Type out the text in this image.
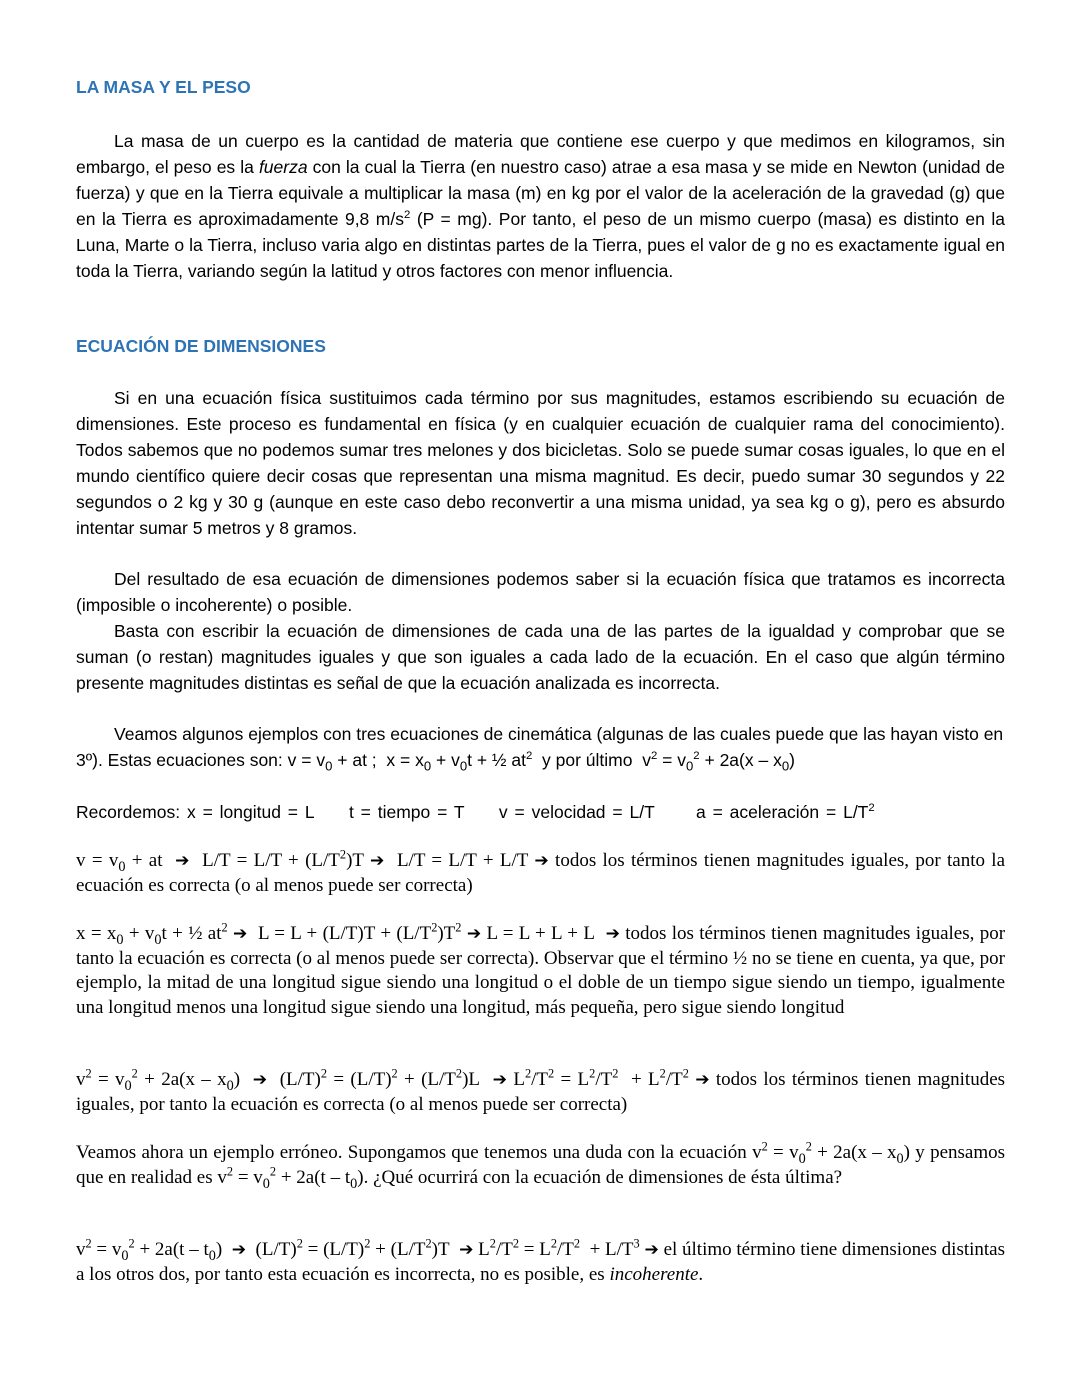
LA MASA Y EL PESO

La masa de un cuerpo es la cantidad de materia que contiene ese cuerpo y que medimos en kilogramos, sin embargo, el peso es la fuerza con la cual la Tierra (en nuestro caso) atrae a esa masa y se mide en Newton (unidad de fuerza) y que en la Tierra equivale a multiplicar la masa (m) en kg por el valor de la aceleración de la gravedad (g) que en la Tierra es aproximadamente 9,8 $m/s^2$ (P = mg). Por tanto, el peso de un mismo cuerpo (masa) es distinto en la Luna, Marte o la Tierra, incluso varia algo en distintas partes de la Tierra, pues el valor de g no es exactamente igual en toda la Tierra, variando según la latitud y otros factores con menor influencia.

ECUACIÓN DE DIMENSIONES

Si en una ecuación física sustituimos cada término por sus magnitudes, estamos escribiendo su ecuación de dimensiones. Este proceso es fundamental en física (y en cualquier ecuación de cualquier rama del conocimiento). Todos sabemos que no podemos sumar tres melones y dos bicicletas. Solo se puede sumar cosas iguales, lo que en el mundo científico quiere decir cosas que representan una misma magnitud. Es decir, puedo sumar 30 segundos y 22 segundos o 2 kg y 30 g (aunque en este caso debo reconvertir a una misma unidad, ya sea kg o g), pero es absurdo intentar sumar 5 metros y 8 gramos.

Del resultado de esa ecuación de dimensiones podemos saber si la ecuación física que tratamos es incorrecta (imposible o incoherente) o posible.

Basta con escribir la ecuación de dimensiones de cada una de las partes de la igualdad y comprobar que se suman (o restan) magnitudes iguales y que son iguales a cada lado de la ecuación. En el caso que algún término presente magnitudes distintas es señal de que la ecuación analizada es incorrecta.

Veamos algunos ejemplos con tres ecuaciones de cinemática (algunas de las cuales puede que las hayan visto en 3º). Estas ecuaciones son: $v = v_0$ + at ;  $x = x_0 + v_0t$ + ½ $at^2$  y por último  $v^2 = v_0^2 + 2a(x - x_0)$

Recordemos: x = longitud = L t = tiempo = T v = velocidad = L/T a = aceleración = $L/T^2$

$v = v_0$ + at  ➔  $L/T = L/T + (L/T^2)T$ ➔  L/T = L/T + L/T ➔ todos los términos tienen magnitudes iguales, por tanto la ecuación es correcta (o al menos puede ser correcta)

$x = x_0 + v_0t$ + ½ $at^2$ ➔  $L = L + (L/T)T + (L/T^2)T^2$ ➔ L = L + L + L  ➔ todos los términos tienen magnitudes iguales, por tanto la ecuación es correcta (o al menos puede ser correcta). Observar que el término ½ no se tiene en cuenta, ya que, por ejemplo, la mitad de una longitud sigue siendo una longitud o el doble de un tiempo sigue siendo un tiempo, igualmente una longitud menos una longitud sigue siendo una longitud, más pequeña, pero sigue siendo longitud

$v^2 = v_0^2 + 2a(x - x_0)$  ➔  $(L/T)^2 = (L/T)^2 + (L/T^2)L$  ➔ $L^2/T^2 = L^2/T^2 + L^2/T^2$ ➔ todos los términos tienen magnitudes iguales, por tanto la ecuación es correcta (o al menos puede ser correcta)

Veamos ahora un ejemplo erróneo. Supongamos que tenemos una duda con la ecuación $v^2 = v_0^2 + 2a(x - x_0)$ y pensamos que en realidad es $v^2 = v_0^2 + 2a(t - t_0)$. ¿Qué ocurrirá con la ecuación de dimensiones de ésta última?

$v^2 = v_0^2 + 2a(t - t_0)$  ➔  $(L/T)^2 = (L/T)^2 + (L/T^2)T$  ➔ $L^2/T^2 = L^2/T^2 + L/T^3$ ➔ el último término tiene dimensiones distintas a los otros dos, por tanto esta ecuación es incorrecta, no es posible, es incoherente.
